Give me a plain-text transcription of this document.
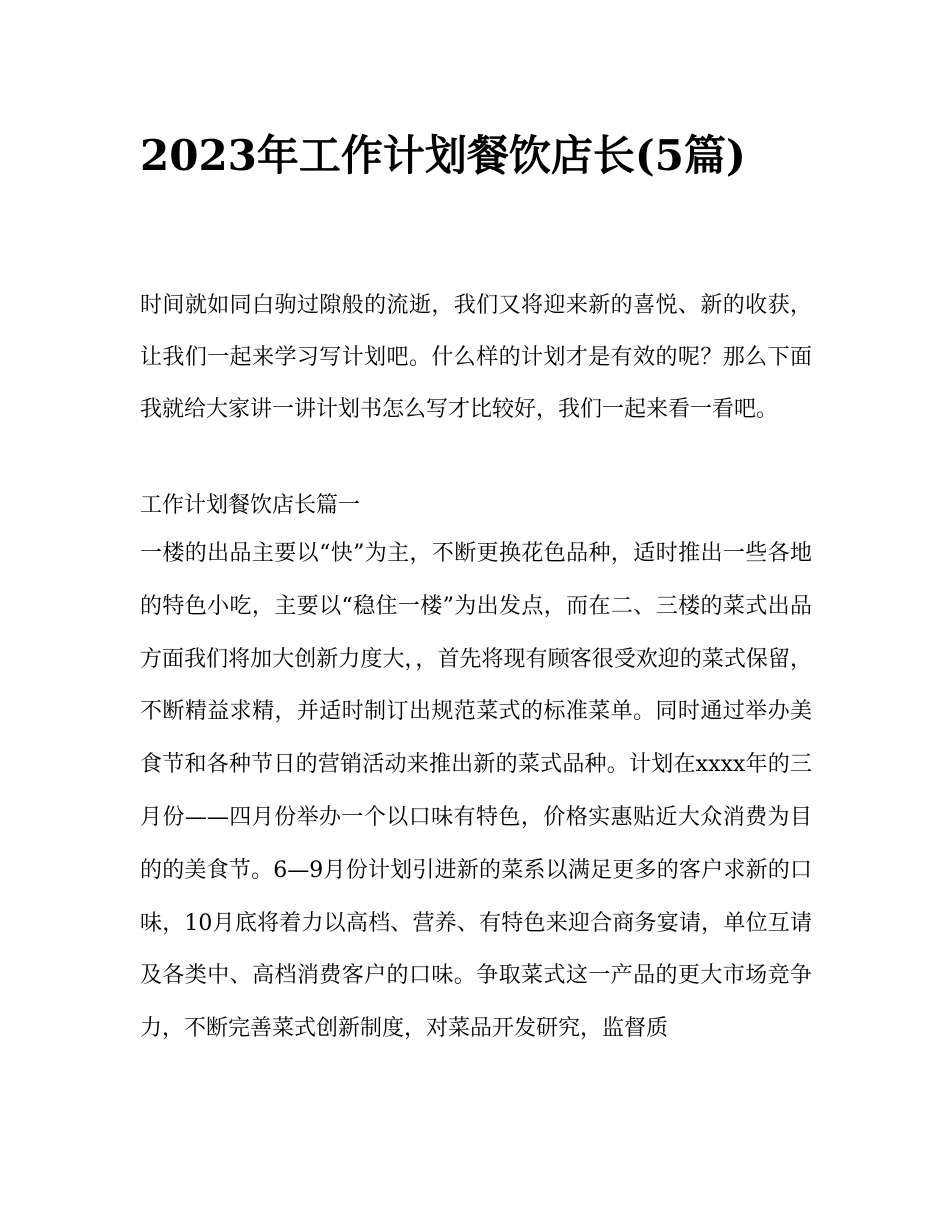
2023年工作计划餐饮店长(5篇)

时间就如同白驹过隙般的流逝，我们又将迎来新的喜悦、新的收获，让我们一起来学习写计划吧。什么样的计划才是有效的呢？那么下面我就给大家讲一讲计划书怎么写才比较好，我们一起来看一看吧。

工作计划餐饮店长篇一

一楼的出品主要以“快”为主，不断更换花色品种，适时推出一些各地的特色小吃，主要以“稳住一楼”为出发点，而在二、三楼的菜式出品方面我们将加大创新力度大，，首先将现有顾客很受欢迎的菜式保留，不断精益求精，并适时制订出规范菜式的标准菜单。同时通过举办美食节和各种节日的营销活动来推出新的菜式品种。计划在xxxx年的三月份——四月份举办一个以口味有特色，价格实惠贴近大众消费为目的的美食节。6—9月份计划引进新的菜系以满足更多的客户求新的口味，10月底将着力以高档、营养、有特色来迎合商务宴请，单位互请及各类中、高档消费客户的口味。争取菜式这一产品的更大市场竞争力，不断完善菜式创新制度，对菜品开发研究，监督质
